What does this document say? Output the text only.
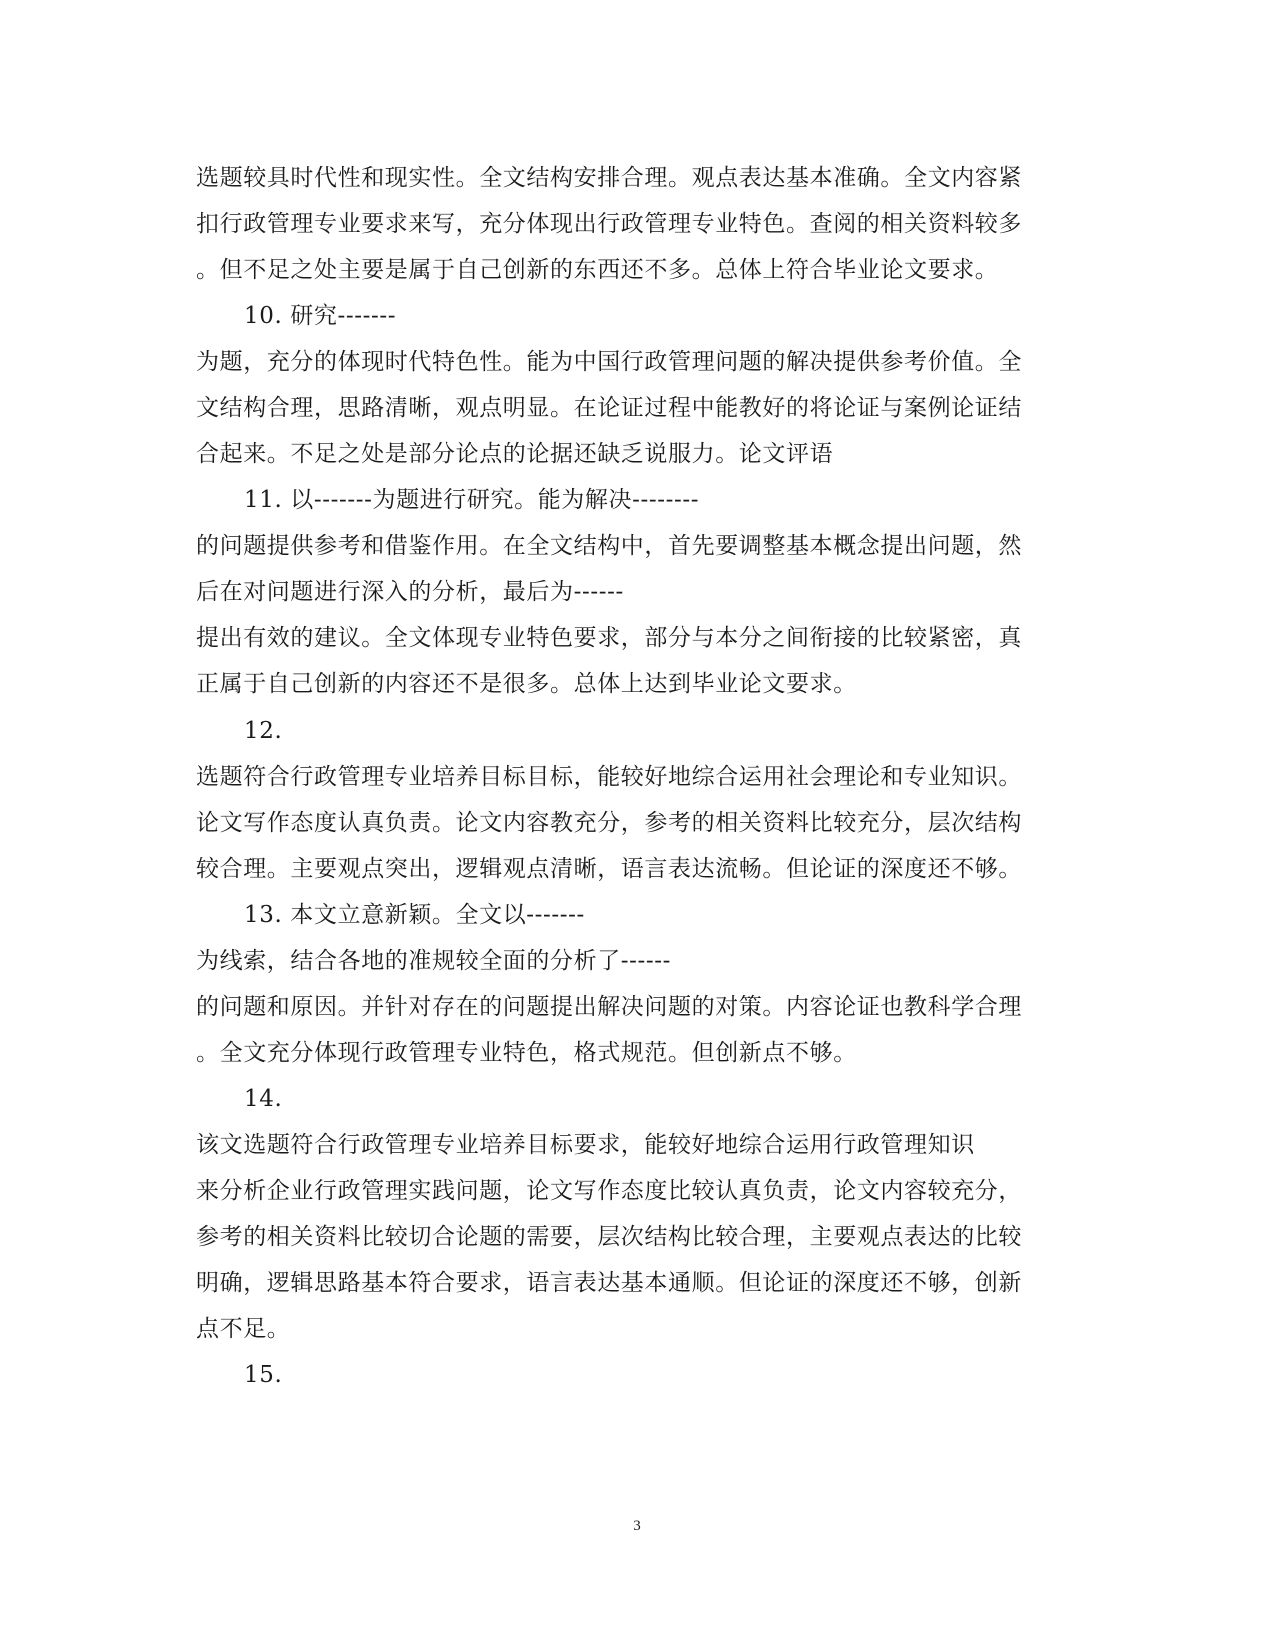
选题较具时代性和现实性。全文结构安排合理。观点表达基本准确。全文内容紧
扣行政管理专业要求来写，充分体现出行政管理专业特色。查阅的相关资料较多
。但不足之处主要是属于自己创新的东西还不多。总体上符合毕业论文要求。
10. 研究-------
为题，充分的体现时代特色性。能为中国行政管理问题的解决提供参考价值。全
文结构合理，思路清晰，观点明显。在论证过程中能教好的将论证与案例论证结
合起来。不足之处是部分论点的论据还缺乏说服力。论文评语
11. 以-------为题进行研究。能为解决--------
的问题提供参考和借鉴作用。在全文结构中，首先要调整基本概念提出问题，然
后在对问题进行深入的分析，最后为------
提出有效的建议。全文体现专业特色要求，部分与本分之间衔接的比较紧密，真
正属于自己创新的内容还不是很多。总体上达到毕业论文要求。
12.
选题符合行政管理专业培养目标目标，能较好地综合运用社会理论和专业知识。
论文写作态度认真负责。论文内容教充分，参考的相关资料比较充分，层次结构
较合理。主要观点突出，逻辑观点清晰，语言表达流畅。但论证的深度还不够。
13. 本文立意新颖。全文以-------
为线索，结合各地的准规较全面的分析了------
的问题和原因。并针对存在的问题提出解决问题的对策。内容论证也教科学合理
。全文充分体现行政管理专业特色，格式规范。但创新点不够。
14.
该文选题符合行政管理专业培养目标要求，能较好地综合运用行政管理知识
来分析企业行政管理实践问题，论文写作态度比较认真负责，论文内容较充分，
参考的相关资料比较切合论题的需要，层次结构比较合理，主要观点表达的比较
明确，逻辑思路基本符合要求，语言表达基本通顺。但论证的深度还不够，创新
点不足。
15.
3
